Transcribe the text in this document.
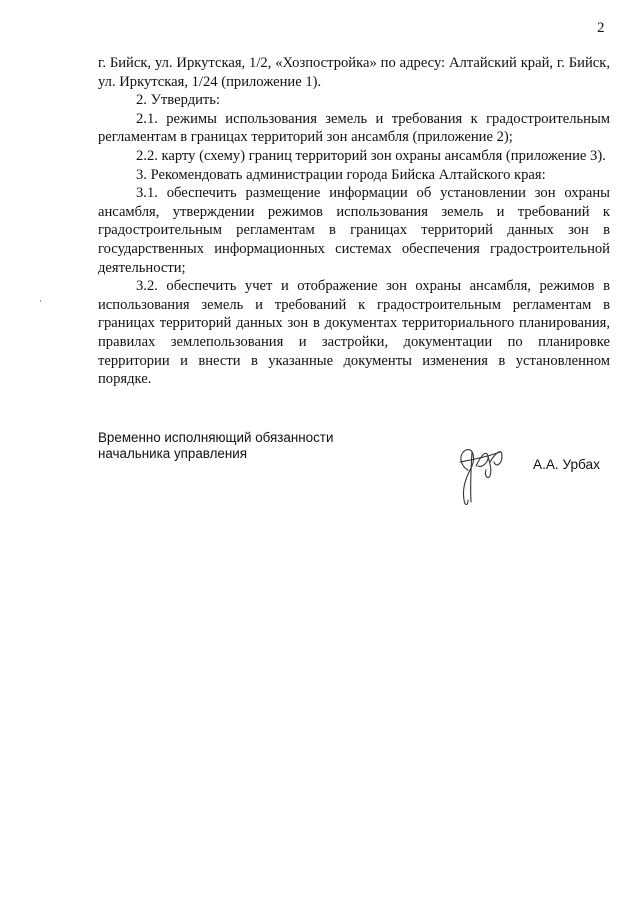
2

г. Бийск, ул. Иркутская, 1/2, «Хозпостройка» по адресу: Алтайский край, г. Бийск, ул. Иркутская, 1/24 (приложение 1).

2. Утвердить:

2.1. режимы использования земель и требования к градостроительным регламентам в границах территорий зон ансамбля (приложение 2);

2.2. карту (схему) границ территорий зон охраны ансамбля (приложение 3).

3. Рекомендовать администрации города Бийска Алтайского края:

3.1. обеспечить размещение информации об установлении зон охраны ансамбля, утверждении режимов использования земель и требований к градостроительным регламентам в границах территорий данных зон в государственных информационных системах обеспечения градостроительной деятельности;

3.2. обеспечить учет и отображение зон охраны ансамбля, режимов в использования земель и требований к градостроительным регламентам в границах территорий данных зон в документах территориального планирования, правилах землепользования и застройки, документации по планировке территории и внести в указанные документы изменения в установленном порядке.

Временно исполняющий обязанности
начальника управления
А.А. Урбах
